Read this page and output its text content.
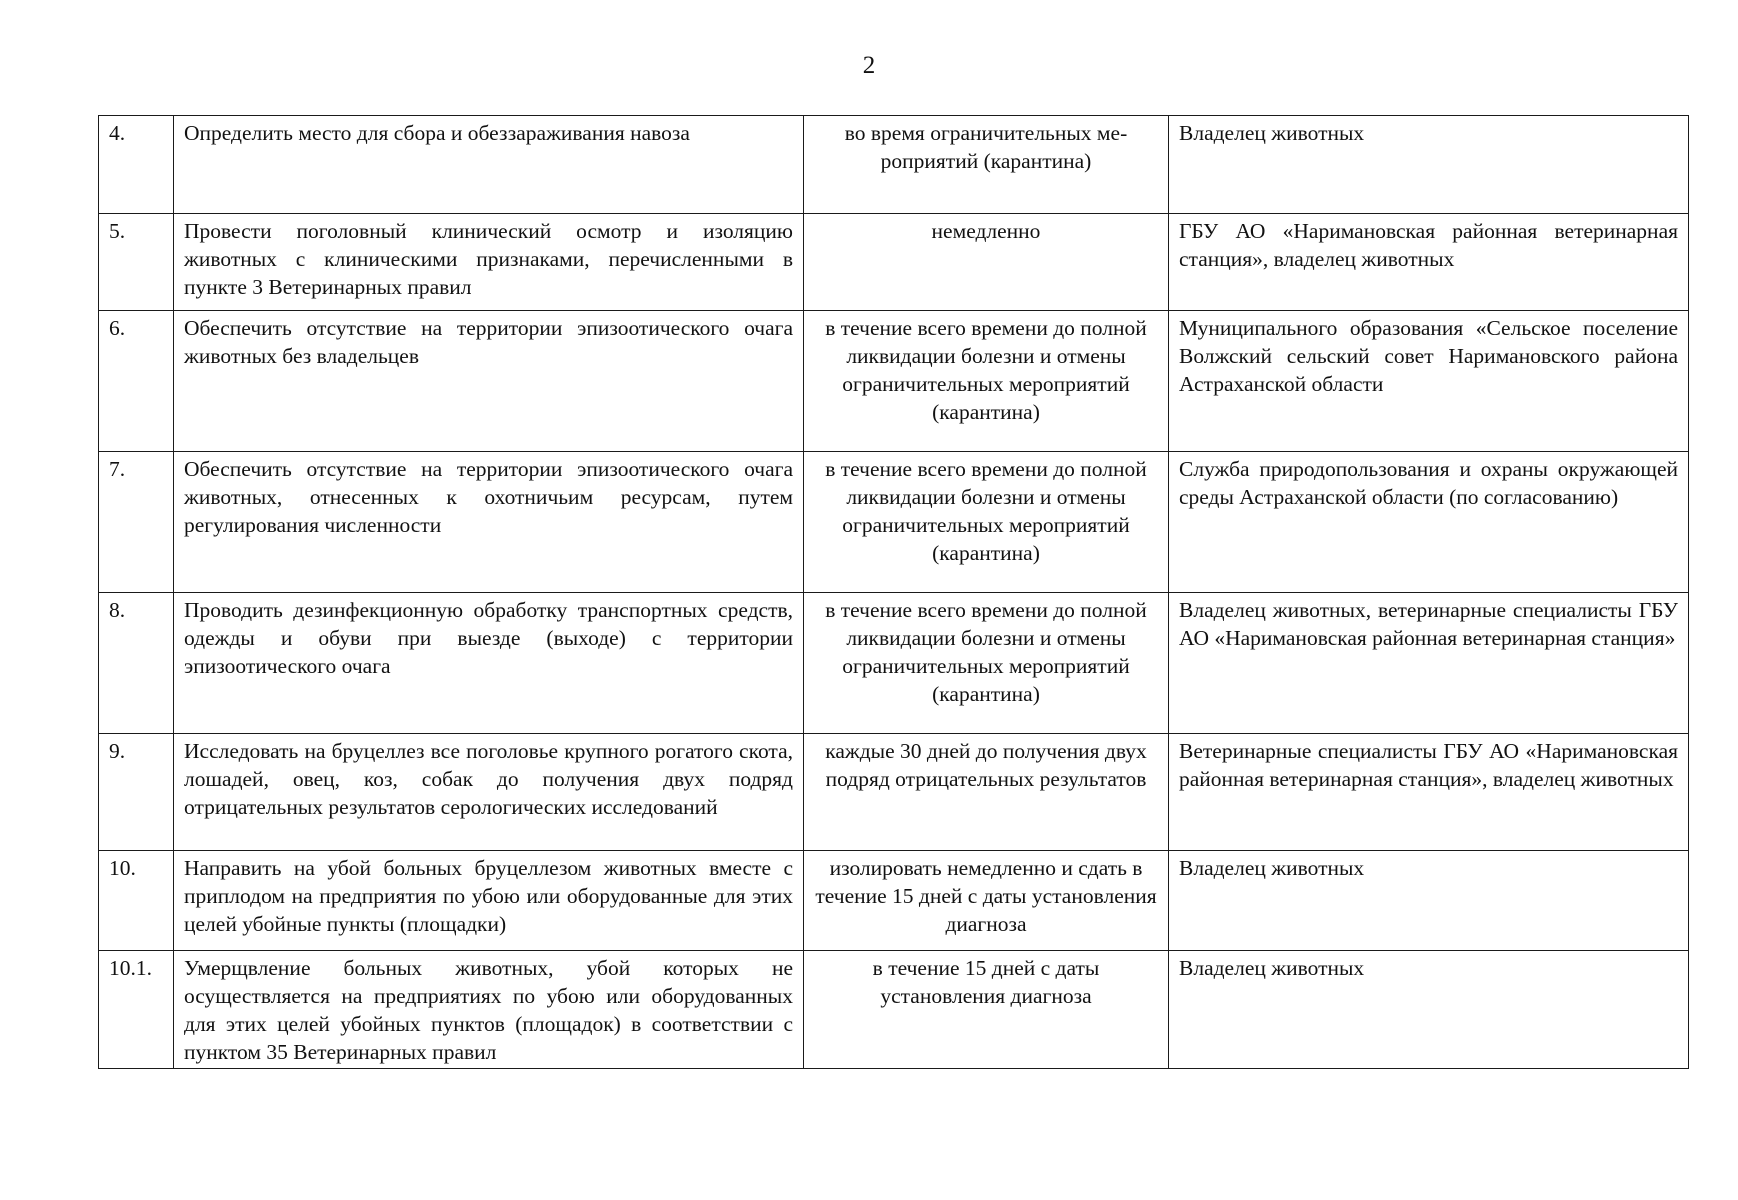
2
4.	Определить место для сбора и обеззараживания навоза	во время ограничительных ме-роприятий (карантина)	Владелец животных
5.	Провести поголовный клинический осмотр и изоляцию животных с клиническими признаками, перечисленными в пункте 3 Ветеринарных правил	немедленно	ГБУ АО «Наримановская районная ветеринарная станция», владелец животных
6.	Обеспечить отсутствие на территории эпизоотического очага животных без владельцев	в течение всего времени до полной ликвидации болезни и отмены ограничительных мероприятий (карантина)	Муниципального образования «Сельское поселение Волжский сельский совет Наримановского района Астраханской области
7.	Обеспечить отсутствие на территории эпизоотического очага животных, отнесенных к охотничьим ресурсам, путем регулирования численности	в течение всего времени до полной ликвидации болезни и отмены ограничительных мероприятий (карантина)	Служба природопользования и охраны окружающей среды Астраханской области (по согласованию)
8.	Проводить дезинфекционную обработку транспортных средств, одежды и обуви при выезде (выходе) с территории эпизоотического очага	в течение всего времени до полной ликвидации болезни и отмены ограничительных мероприятий (карантина)	Владелец животных, ветеринарные специалисты ГБУ АО «Наримановская районная ветеринарная станция»
9.	Исследовать на бруцеллез все поголовье крупного рогатого скота, лошадей, овец, коз, собак до получения двух подряд отрицательных результатов серологических исследований	каждые 30 дней до получения двух подряд отрицательных результатов	Ветеринарные специалисты ГБУ АО «Наримановская районная ветеринарная станция», владелец животных
10.	Направить на убой больных бруцеллезом животных вместе с приплодом на предприятия по убою или оборудованные для этих целей убойные пункты (площадки)	изолировать немедленно и сдать в течение 15 дней с даты установления диагноза	Владелец животных
10.1.	Умерщвление больных животных, убой которых не осуществляется на предприятиях по убою или оборудованных для этих целей убойных пунктов (площадок) в соответствии с пунктом 35 Ветеринарных правил	в течение 15 дней с даты установления диагноза	Владелец животных
